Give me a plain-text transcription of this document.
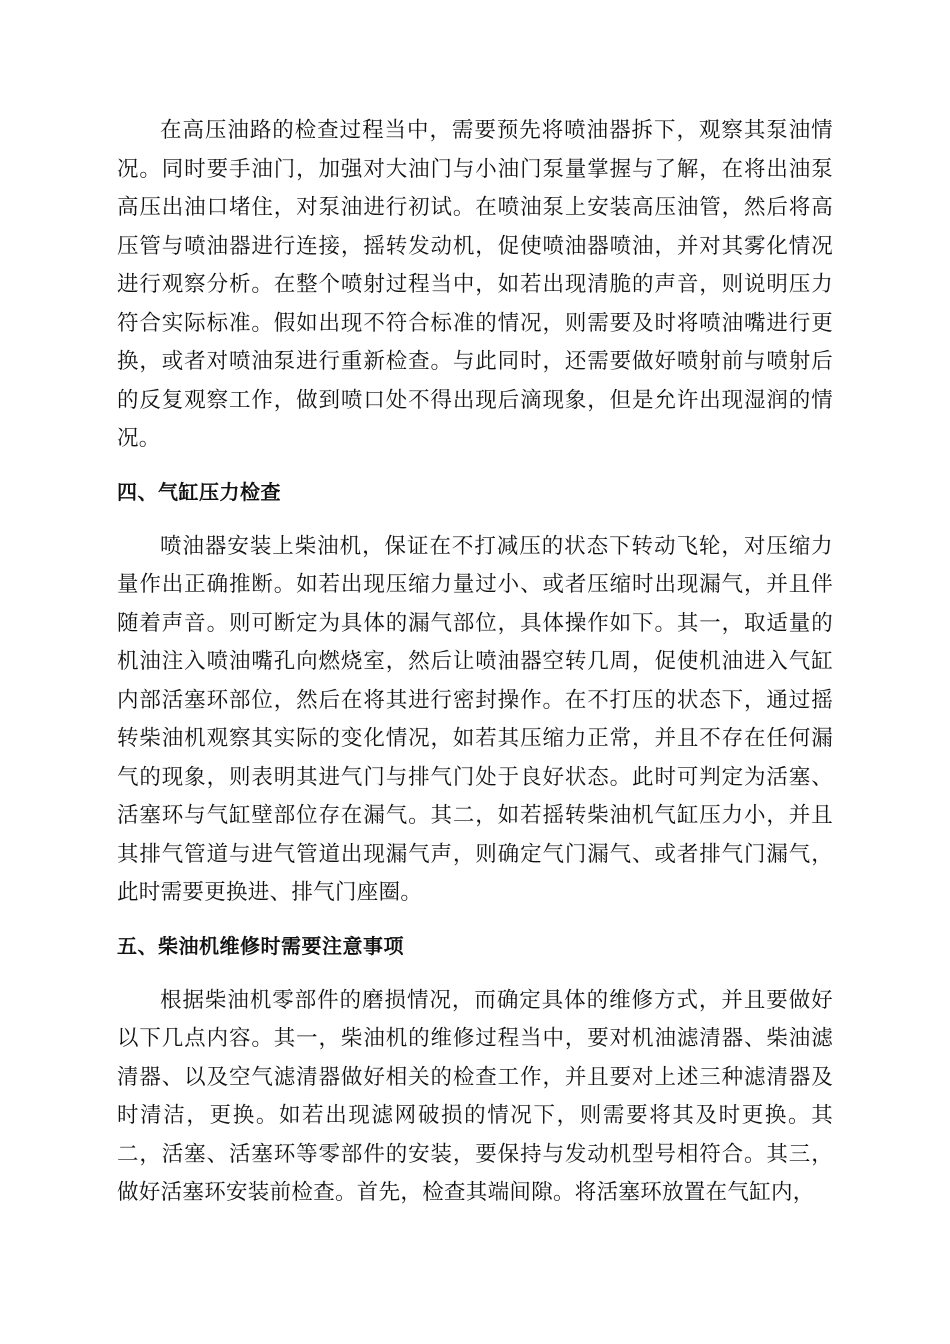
在高压油路的检查过程当中，需要预先将喷油器拆下，观察其泵油情况。同时要手油门，加强对大油门与小油门泵量掌握与了解，在将出油泵高压出油口堵住，对泵油进行初试。在喷油泵上安装高压油管，然后将高压管与喷油器进行连接，摇转发动机，促使喷油器喷油，并对其雾化情况进行观察分析。在整个喷射过程当中，如若出现清脆的声音，则说明压力符合实际标准。假如出现不符合标准的情况，则需要及时将喷油嘴进行更换，或者对喷油泵进行重新检查。与此同时，还需要做好喷射前与喷射后的反复观察工作，做到喷口处不得出现后滴现象，但是允许出现湿润的情况。

四、气缸压力检查

喷油器安装上柴油机，保证在不打减压的状态下转动飞轮，对压缩力量作出正确推断。如若出现压缩力量过小、或者压缩时出现漏气，并且伴随着声音。则可断定为具体的漏气部位，具体操作如下。其一，取适量的机油注入喷油嘴孔向燃烧室，然后让喷油器空转几周，促使机油进入气缸内部活塞环部位，然后在将其进行密封操作。在不打压的状态下，通过摇转柴油机观察其实际的变化情况，如若其压缩力正常，并且不存在任何漏气的现象，则表明其进气门与排气门处于良好状态。此时可判定为活塞、活塞环与气缸壁部位存在漏气。其二，如若摇转柴油机气缸压力小，并且其排气管道与进气管道出现漏气声，则确定气门漏气、或者排气门漏气，此时需要更换进、排气门座圈。

五、柴油机维修时需要注意事项

根据柴油机零部件的磨损情况，而确定具体的维修方式，并且要做好以下几点内容。其一，柴油机的维修过程当中，要对机油滤清器、柴油滤清器、以及空气滤清器做好相关的检查工作，并且要对上述三种滤清器及时清洁，更换。如若出现滤网破损的情况下，则需要将其及时更换。其二，活塞、活塞环等零部件的安装，要保持与发动机型号相符合。其三，做好活塞环安装前检查。首先，检查其端间隙。将活塞环放置在气缸内，
